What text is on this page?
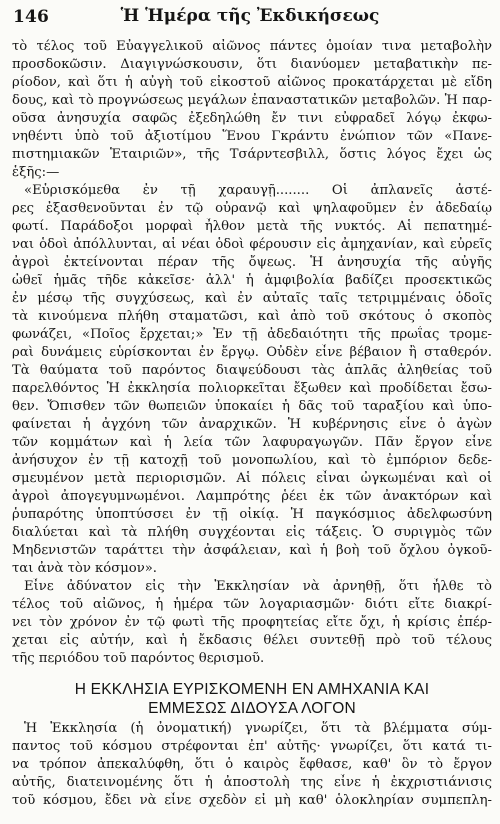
146	Ἡ Ἡμέρα τῆς Ἐκδικήσεως
τὸ τέλος τοῦ Εὐαγγελικοῦ αἰῶνος πάντες ὁμοίαν τινα μεταβολὴν
προσδοκῶσιν. Διαγιγνώσκουσιν, ὅτι διανύομεν μεταβατικὴν πε-
ρίοδον, καὶ ὅτι ἡ αὐγὴ τοῦ εἰκοστοῦ αἰῶνος προκατάρχεται μὲ εἴδη
δους, καὶ τὸ προγνώσεως μεγάλων ἐπαναστατικῶν μεταβολῶν. Ἡ παρ-
οῦσα ἀνησυχία σαφῶς ἐξεδηλώθη ἔν τινι εὐφραδεῖ λόγῳ ἐκφω-
νηθέντι ὑπὸ τοῦ ἀξιοτίμου Ἕνου Γκράντυ ἐνώπιον τῶν «Πανε-
πιστημιακῶν Ἑταιριῶν», τῆς Τσάρντεσβιλλ, ὅστις λόγος ἔχει ὡς
ἑξῆς:—
«Εὑρισκόμεθα ἐν τῇ χαραυγῇ........ Οἱ ἀπλανεῖς ἀστέ-
ρες ἐξασθενοῦνται ἐν τῷ οὐρανῷ καὶ ψηλαφοῦμεν ἐν ἀδεδαίῳ
φωτί. Παράδοξοι μορφαὶ ἦλθον μετὰ τῆς νυκτός. Αἱ πεπατημέ-
ναι ὁδοὶ ἀπόλλυνται, αἱ νέαι ὁδοὶ φέρουσιν εἰς ἀμηχανίαν, καὶ εὐρεῖς
ἀγροὶ ἐκτείνονται πέραν τῆς ὄψεως. Ἡ ἀνησυχία τῆς αὐγῆς
ὠθεῖ ἡμᾶς τῆδε κἀκεῖσε· ἀλλ' ἡ ἀμφιβολία βαδίζει προσεκτικῶς
ἐν μέσῳ τῆς συγχύσεως, καὶ ἐν αὐταῖς ταῖς τετριμμέναις ὁδοῖς
τὰ κινούμενα πλήθη σταματῶσι, καὶ ἀπὸ τοῦ σκότους ὁ σκοπὸς
φωνάζει, «Ποῖος ἔρχεται;» Ἐν τῇ ἀδεδαιότητι τῆς πρωΐας τρομε-
ραὶ δυνάμεις εὑρίσκονται ἐν ἔργῳ. Οὐδὲν εἶνε βέβαιον ἢ σταθερόν.
Τὰ θαύματα τοῦ παρόντος διαψεύδουσι τὰς ἁπλᾶς ἀληθείας τοῦ
παρελθόντος Ἡ ἐκκλησία πολιορκεῖται ἔξωθεν καὶ προδίδεται ἔσω-
θεν. Ὄπισθεν τῶν θωπειῶν ὑποκαίει ἡ δᾶς τοῦ ταραξίου καὶ ὑπο-
φαίνεται ἡ ἀγχόνη τῶν ἀναρχικῶν. Ἡ κυβέρνησις εἶνε ὁ ἀγὼν
τῶν κομμάτων καὶ ἡ λεία τῶν λαφυραγωγῶν. Πᾶν ἔργον εἶνε
ἀνήσυχον ἐν τῇ κατοχῇ τοῦ μονοπωλίου, καὶ τὸ ἐμπόριον δεδε-
σμευμένον μετὰ περιορισμῶν. Αἱ πόλεις εἶναι ὠγκωμέναι καὶ οἱ
ἀγροὶ ἀπογεγυμνωμένοι. Λαμπρότης ῥέει ἐκ τῶν ἀνακτόρων καὶ
ῥυπαρότης ὑποπτύσσει ἐν τῇ οἰκίᾳ. Ἡ παγκόσμιος ἀδελφωσύνη
διαλύεται καὶ τὰ πλήθη συγχέονται εἰς τάξεις. Ὁ συριγμὸς τῶν
Μηδενιστῶν ταράττει τὴν ἀσφάλειαν, καὶ ἡ βοὴ τοῦ ὄχλου ὀγκοῦ-
ται ἀνὰ τὸν κόσμον».
Εἶνε ἀδύνατον εἰς τὴν Ἐκκλησίαν νὰ ἀρνηθῇ, ὅτι ἦλθε τὸ
τέλος τοῦ αἰῶνος, ἡ ἡμέρα τῶν λογαριασμῶν· διότι εἴτε διακρί-
νει τὸν χρόνον ἐν τῷ φωτὶ τῆς προφητείας εἴτε ὄχι, ἡ κρίσις ἐπέρ-
χεται εἰς αὐτήν, καὶ ἡ ἔκδασις θέλει συντεθῇ πρὸ τοῦ τέλους
τῆς περιόδου τοῦ παρόντος θερισμοῦ.
Η ΕΚΚΛΗΣΙΑ ΕΥΡΙΣΚΟΜΕΝΗ ΕΝ ΑΜΗΧΑΝΙΑ ΚΑΙ
ΕΜΜΕΣΩΣ ΔΙΔΟΥΣΑ ΛΟΓΟΝ
Ἡ Ἐκκλησία (ἡ ὀνοματική) γνωρίζει, ὅτι τὰ βλέμματα σύμ-
παντος τοῦ κόσμου στρέφονται ἐπ' αὐτῆς· γνωρίζει, ὅτι κατά τι-
να τρόπον ἀπεκαλύφθη, ὅτι ὁ καιρὸς ἔφθασε, καθ' ὃν τὸ ἔργον
αὐτῆς, διατεινομένης ὅτι ἡ ἀποστολὴ της εἶνε ἡ ἐκχριστιάνισις
τοῦ κόσμου, ἔδει νὰ εἶνε σχεδὸν εἰ μὴ καθ' ὁλοκληρίαν συμπεπλη-
